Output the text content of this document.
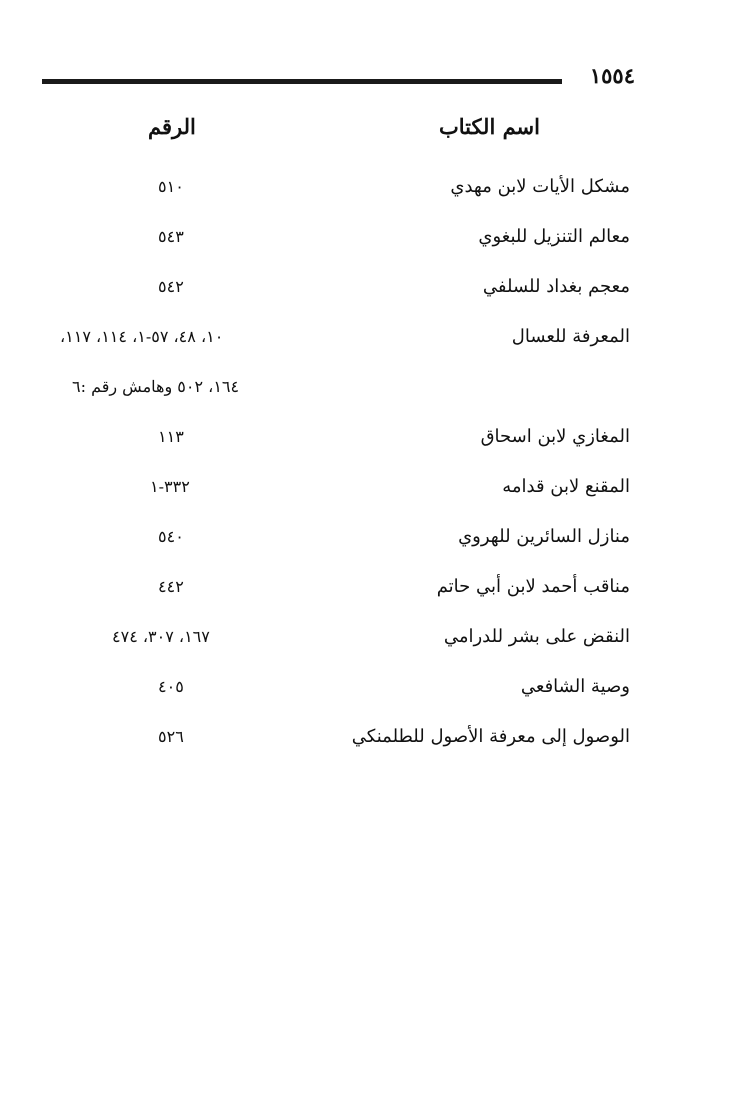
١٥٥٤
اسم الكتاب
الرقم
مشكل الأيات لابن مهدي
٥١٠
معالم التنزيل للبغوي
٥٤٣
معجم بغداد للسلفي
٥٤٢
المعرفة للعسال
١٠، ٤٨، ٥٧-١، ١١٤، ١١٧،
١٦٤، ٥٠٢ وهامش رقم :٦
المغازي لابن اسحاق
١١٣
المقنع لابن قدامه
٣٣٢-١
منازل السائرين للهروي
٥٤٠
مناقب أحمد لابن أبي حاتم
٤٤٢
النقض على بشر للدرامي
١٦٧، ٣٠٧، ٤٧٤
وصية الشافعي
٤٠٥
الوصول إلى معرفة الأصول للطلمنكي
٥٢٦
